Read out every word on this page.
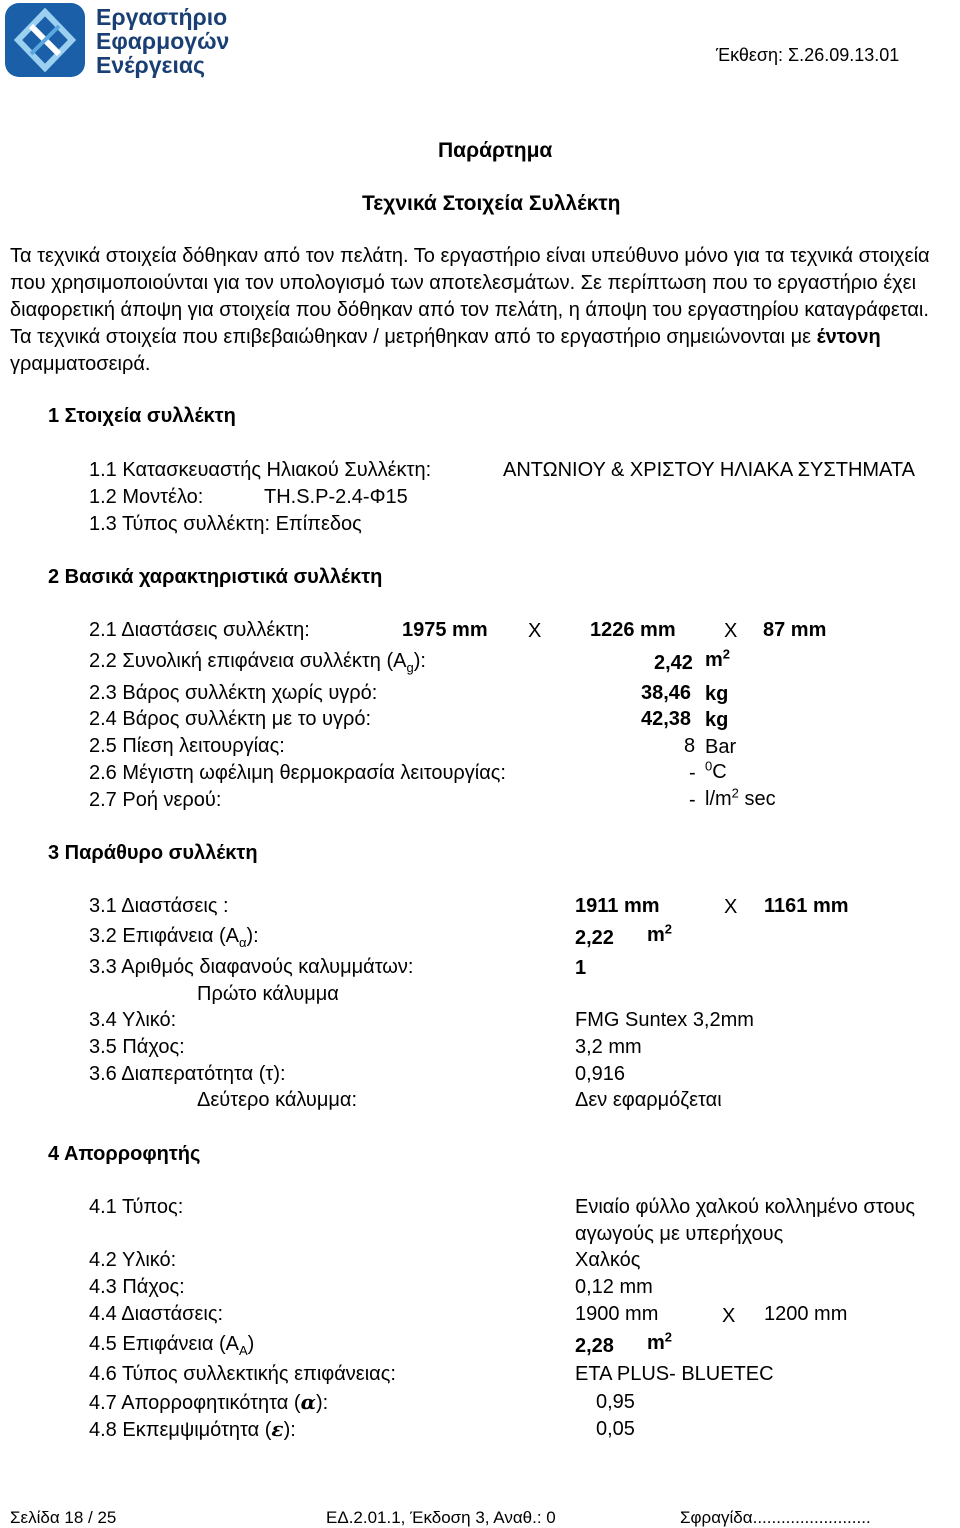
Εργαστήριο
Εφαρμογών
Ενέργειας	Έκθεση: Σ.26.09.13.01
Παράρτημα
Τεχνικά Στοιχεία Συλλέκτη
Τα τεχνικά στοιχεία δόθηκαν από τον πελάτη. Το εργαστήριο είναι υπεύθυνο μόνο για τα τεχνικά στοιχεία που χρησιμοποιούνται για τον υπολογισμό των αποτελεσμάτων. Σε περίπτωση που το εργαστήριο έχει διαφορετική άποψη για στοιχεία που δόθηκαν από τον πελάτη, η άποψη του εργαστηρίου καταγράφεται. Τα τεχνικά στοιχεία που επιβεβαιώθηκαν / μετρήθηκαν από το εργαστήριο σημειώνονται με έντονη γραμματοσειρά.
1 Στοιχεία συλλέκτη
1.1 Κατασκευαστής Ηλιακού Συλλέκτη:	ΑΝΤΩΝΙΟΥ & ΧΡΙΣΤΟΥ ΗΛΙΑΚΑ ΣΥΣΤΗΜΑΤΑ
1.2 Μοντέλο:	TH.S.P-2.4-Φ15
1.3 Τύπος συλλέκτη: Επίπεδος
2 Βασικά χαρακτηριστικά συλλέκτη
2.1 Διαστάσεις συλλέκτη:	1975 mm X 1226 mm X 87 mm
2.2 Συνολική επιφάνεια συλλέκτη $(A_g)$:	2,42 $m^2$
2.3 Βάρος συλλέκτη χωρίς υγρό:	38,46 kg
2.4 Βάρος συλλέκτη με το υγρό:	42,38 kg
2.5 Πίεση λειτουργίας:	8 Bar
2.6 Μέγιστη ωφέλιμη θερμοκρασία λειτουργίας:	- $^0$C
2.7 Ροή νερού:	- $l/m^2$ sec
3 Παράθυρο συλλέκτη
3.1 Διαστάσεις :	1911 mm	X 1161 mm
3.2 Επιφάνεια $(A_\alpha)$:	2,22 $m^2$
3.3 Αριθμός διαφανούς καλυμμάτων:	1
Πρώτο κάλυμμα
3.4 Υλικό:	FMG Suntex 3,2mm
3.5 Πάχος:	3,2 mm
3.6 Διαπερατότητα (τ):	0,916
Δεύτερο κάλυμμα:	Δεν εφαρμόζεται
4 Απορροφητής
4.1 Τύπος:	Ενιαίο φύλλο χαλκού κολλημένο στους
αγωγούς με υπερήχους
4.2 Υλικό:	Χαλκός
4.3 Πάχος:	0,12 mm
4.4 Διαστάσεις:	1900 mm	X 1200 mm
4.5 Επιφάνεια $(A_A)$	2,28 $m^2$
4.6 Τύπος συλλεκτικής επιφάνειας:	ETA PLUS- BLUETEC
4.7 Απορροφητικότητα (α):	0,95
4.8 Εκπεμψιμότητα (ε):	0,05
Σελίδα 18 / 25	ΕΔ.2.01.1, Έκδοση 3, Αναθ.: 0	Σφραγίδα.........................
